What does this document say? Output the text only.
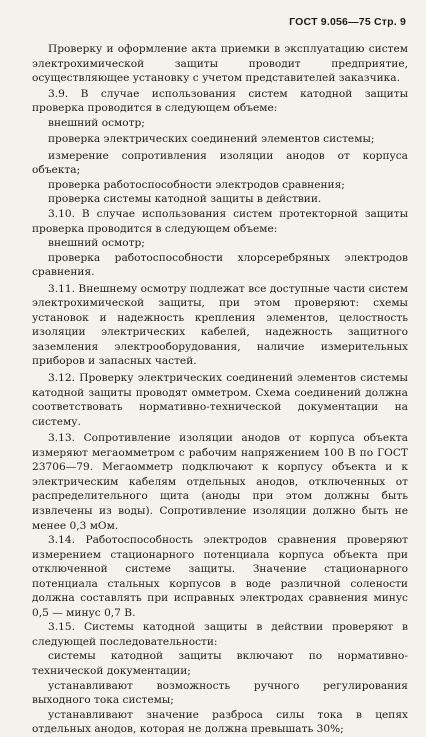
ГОСТ 9.056—75 Стр. 9

Проверку и оформление акта приемки в эксплуатацию систем электрохимической защиты проводит предприятие, осуществляющее установку с учетом представителей заказчика.

3.9. В случае использования систем катодной защиты проверка проводится в следующем объеме:

внешний осмотр;

проверка электрических соединений элементов системы;

измерение сопротивления изоляции анодов от корпуса объекта;

проверка работоспособности электродов сравнения;

проверка системы катодной защиты в действии.

3.10. В случае использования систем протекторной защиты проверка проводится в следующем объеме:

внешний осмотр;

проверка работоспособности хлорсеребряных электродов сравнения.

3.11. Внешнему осмотру подлежат все доступные части систем электрохимической защиты, при этом проверяют: схемы установок и надежность крепления элементов, целостность изоляции электрических кабелей, надежность защитного заземления электрооборудования, наличие измерительных приборов и запасных частей.

3.12. Проверку электрических соединений элементов системы катодной защиты проводят омметром. Схема соединений должна соответствовать нормативно-технической документации на систему.

3.13. Сопротивление изоляции анодов от корпуса объекта измеряют мегаомметром с рабочим напряжением 100 В по ГОСТ 23706—79. Мегаомметр подключают к корпусу объекта и к электрическим кабелям отдельных анодов, отключенных от распределительного щита (аноды при этом должны быть извлечены из воды). Сопротивление изоляции должно быть не менее 0,3 мОм.

3.14. Работоспособность электродов сравнения проверяют измерением стационарного потенциала корпуса объекта при отключенной системе защиты. Значение стационарного потенциала стальных корпусов в воде различной солености должна составлять при исправных электродах сравнения минус 0,5 — минус 0,7 В.

3.15. Системы катодной защиты в действии проверяют в следующей последовательности:

системы катодной защиты включают по нормативно-технической документации;

устанавливают возможность ручного регулирования выходного тока системы;

устанавливают значение разброса силы тока в цепях отдельных анодов, которая не должна превышать 30%;
